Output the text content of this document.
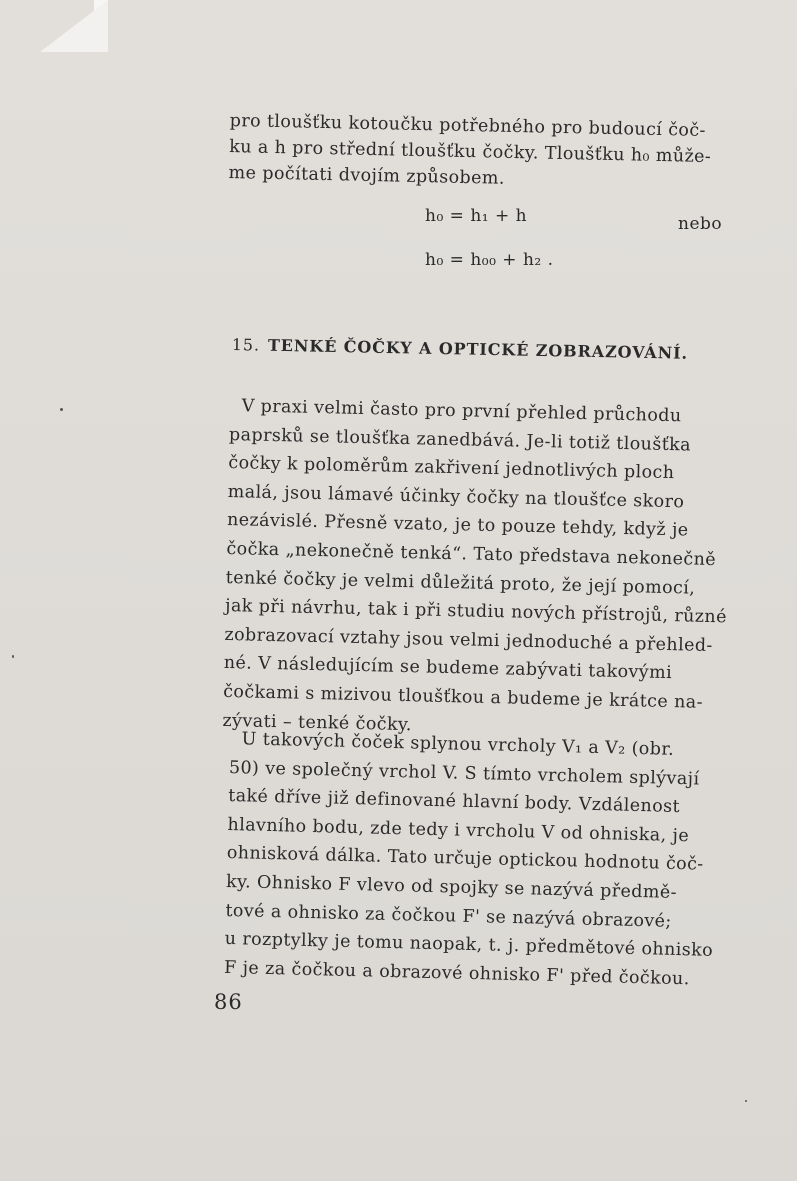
pro tloušťku kotoučku potřebného pro budoucí čoč-
ku a h pro střední tloušťku čočky. Tloušťku h₀ může-
me počítati dvojím způsobem.
h₀ = h₁ + h	nebo
h₀ = h₀₀ + h₂ .
15. TENKÉ ČOČKY A OPTICKÉ ZOBRAZOVÁNÍ.
V praxi velmi často pro první přehled průchodu
paprsků se tloušťka zanedbává. Je-li totiž tloušťka
čočky k poloměrům zakřivení jednotlivých ploch
malá, jsou lámavé účinky čočky na tloušťce skoro
nezávislé. Přesně vzato, je to pouze tehdy, když je
čočka „nekonečně tenká“. Tato představa nekonečně
tenké čočky je velmi důležitá proto, že její pomocí,
jak při návrhu, tak i při studiu nových přístrojů, různé
zobrazovací vztahy jsou velmi jednoduché a přehled-
né. V následujícím se budeme zabývati takovými
čočkami s mizivou tloušťkou a budeme je krátce na-
zývati – tenké čočky.
U takových čoček splynou vrcholy V₁ a V₂ (obr.
50) ve společný vrchol V. S tímto vrcholem splývají
také dříve již definované hlavní body. Vzdálenost
hlavního bodu, zde tedy i vrcholu V od ohniska, je
ohnisková dálka. Tato určuje optickou hodnotu čoč-
ky. Ohnisko F vlevo od spojky se nazývá předmě-
tové a ohnisko za čočkou F' se nazývá obrazové;
u rozptylky je tomu naopak, t. j. předmětové ohnisko
F je za čočkou a obrazové ohnisko F' před čočkou.
86
